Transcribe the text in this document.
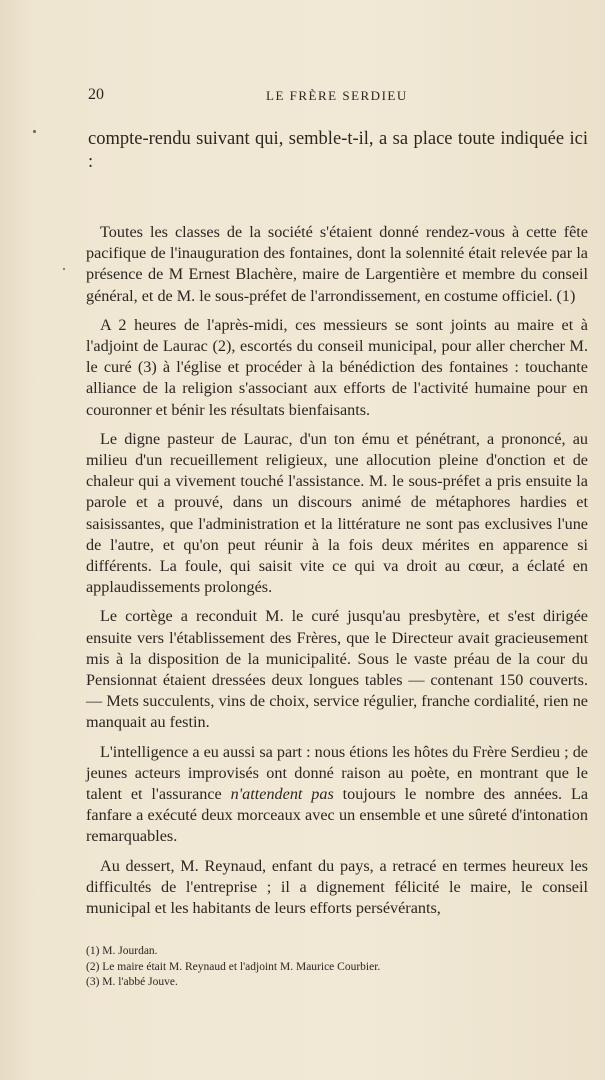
20	LE FRÈRE SERDIEU

compte-rendu suivant qui, semble-t-il, a sa place toute indiquée ici :

Toutes les classes de la société s'étaient donné rendez-vous à cette fête pacifique de l'inauguration des fontaines, dont la solennité était relevée par la présence de M Ernest Blachère, maire de Largentière et membre du conseil général, et de M. le sous-préfet de l'arrondissement, en costume officiel. (1)

A 2 heures de l'après-midi, ces messieurs se sont joints au maire et à l'adjoint de Laurac (2), escortés du conseil municipal, pour aller chercher M. le curé (3) à l'église et procéder à la bénédiction des fontaines : touchante alliance de la religion s'associant aux efforts de l'activité humaine pour en couronner et bénir les résultats bienfaisants.

Le digne pasteur de Laurac, d'un ton ému et pénétrant, a prononcé, au milieu d'un recueillement religieux, une allocution pleine d'onction et de chaleur qui a vivement touché l'assistance. M. le sous-préfet a pris ensuite la parole et a prouvé, dans un discours animé de métaphores hardies et saisissantes, que l'administration et la littérature ne sont pas exclusives l'une de l'autre, et qu'on peut réunir à la fois deux mérites en apparence si différents. La foule, qui saisit vite ce qui va droit au cœur, a éclaté en applaudissements prolongés.

Le cortège a reconduit M. le curé jusqu'au presbytère, et s'est dirigée ensuite vers l'établissement des Frères, que le Directeur avait gracieusement mis à la disposition de la municipalité. Sous le vaste préau de la cour du Pensionnat étaient dressées deux longues tables — contenant 150 couverts. — Mets succulents, vins de choix, service régulier, franche cordialité, rien ne manquait au festin.

L'intelligence a eu aussi sa part : nous étions les hôtes du Frère Serdieu ; de jeunes acteurs improvisés ont donné raison au poète, en montrant que le talent et l'assurance n'attendent pas toujours le nombre des années. La fanfare a exécuté deux morceaux avec un ensemble et une sûreté d'intonation remarquables.

Au dessert, M. Reynaud, enfant du pays, a retracé en termes heureux les difficultés de l'entreprise ; il a dignement félicité le maire, le conseil municipal et les habitants de leurs efforts persévérants,

(1) M. Jourdan.
(2) Le maire était M. Reynaud et l'adjoint M. Maurice Courbier.
(3) M. l'abbé Jouve.
